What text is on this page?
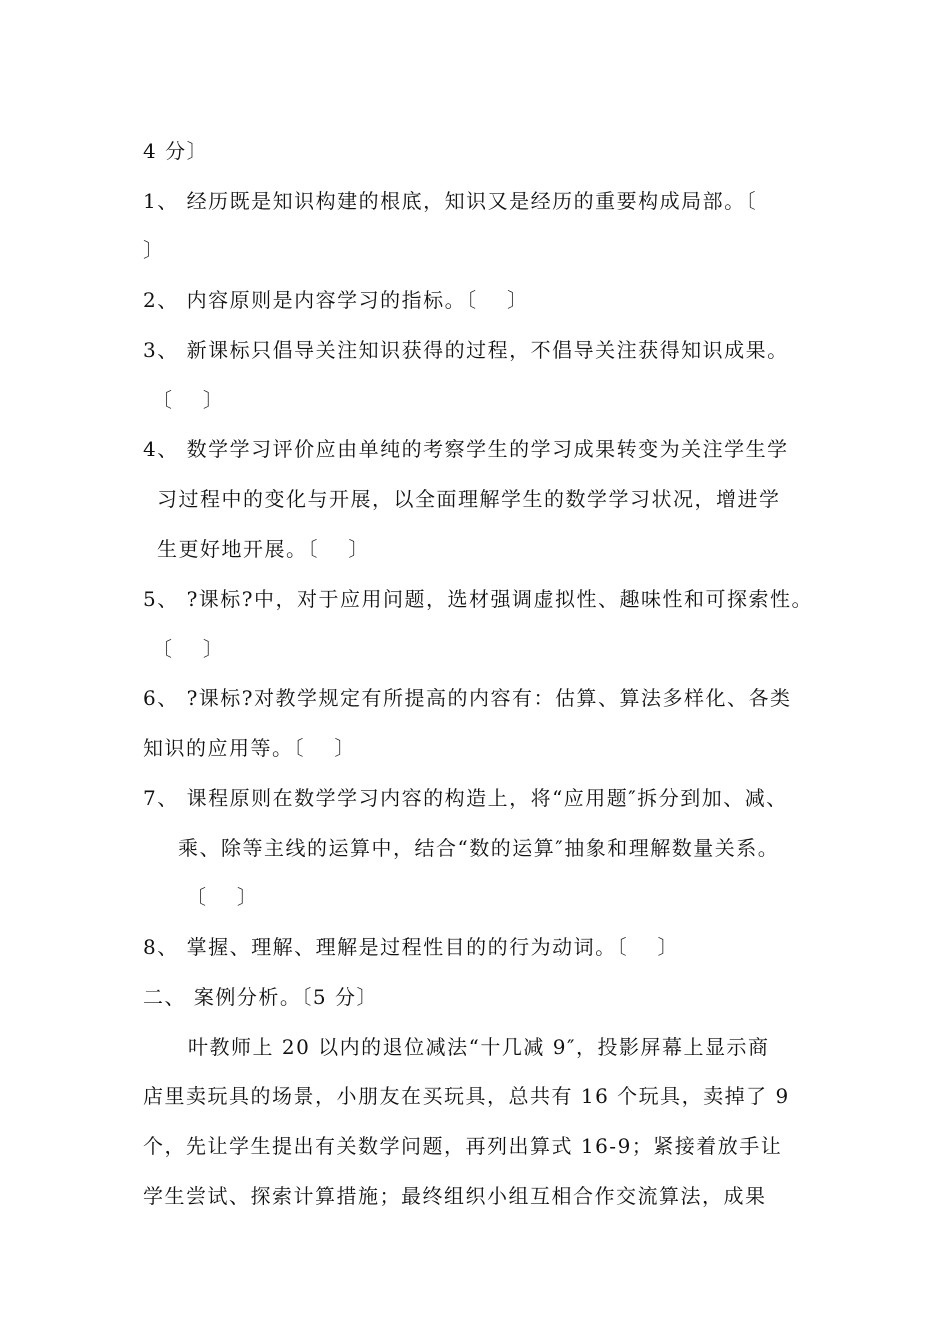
4 分〕
1、 经历既是知识构建的根底，知识又是经历的重要构成局部。〔
〕
2、 内容原则是内容学习的指标。〔　 〕
3、 新课标只倡导关注知识获得的过程，不倡导关注获得知识成果。
〔　 〕
4、 数学学习评价应由单纯的考察学生的学习成果转变为关注学生学
习过程中的变化与开展，以全面理解学生的数学学习状况，增进学
生更好地开展。〔　 〕
5、 ?课标?中，对于应用问题，选材强调虚拟性、趣味性和可探索性。
〔　 〕
6、 ?课标?对教学规定有所提高的内容有：估算、算法多样化、各类
知识的应用等。〔　 〕
7、 课程原则在数学学习内容的构造上，将“应用题″拆分到加、减、
乘、除等主线的运算中，结合“数的运算″抽象和理解数量关系。
〔　 〕
8、 掌握、理解、理解是过程性目的的行为动词。〔　 〕
二、 案例分析。〔5 分〕
叶教师上 20 以内的退位减法“十几减 9″，投影屏幕上显示商
店里卖玩具的场景，小朋友在买玩具，总共有 16 个玩具，卖掉了 9
个，先让学生提出有关数学问题，再列出算式 16-9；紧接着放手让
学生尝试、探索计算措施；最终组织小组互相合作交流算法，成果
